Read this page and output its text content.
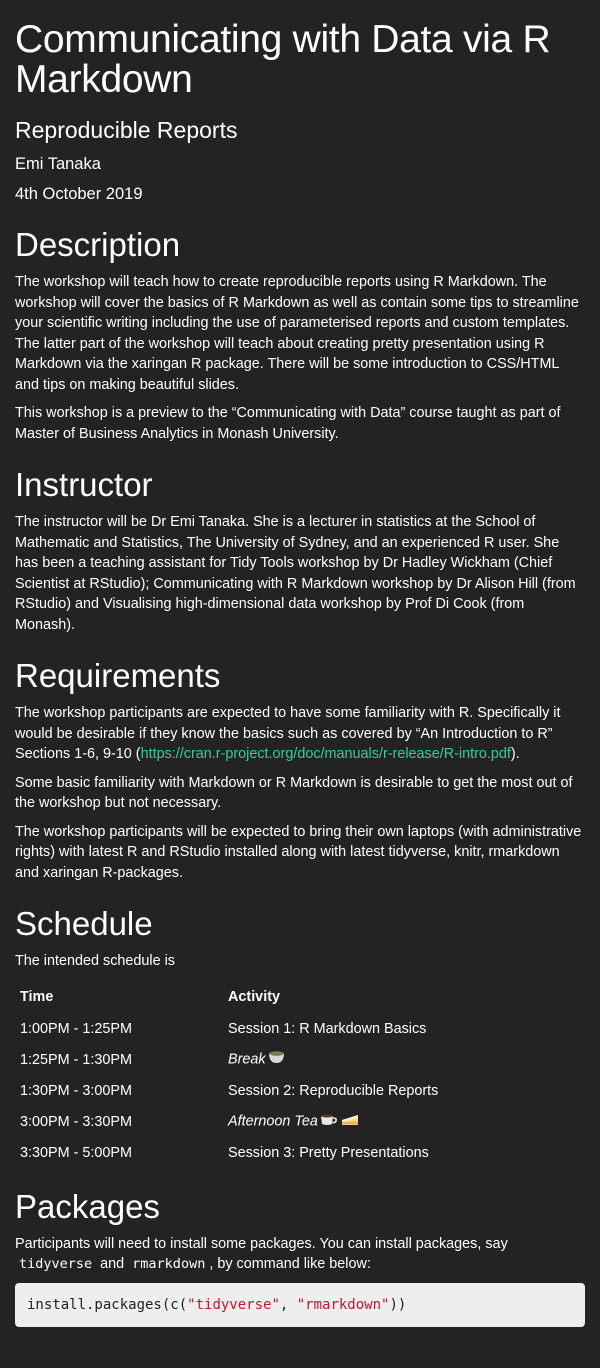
Communicating with Data via R Markdown
Reproducible Reports
Emi Tanaka
4th October 2019
Description

The workshop will teach how to create reproducible reports using R Markdown. The workshop will cover the basics of R Markdown as well as contain some tips to streamline your scientific writing including the use of parameterised reports and custom templates. The latter part of the workshop will teach about creating pretty presentation using R Markdown via the xaringan R package. There will be some introduction to CSS/HTML and tips on making beautiful slides.

This workshop is a preview to the “Communicating with Data” course taught as part of Master of Business Analytics in Monash University.

Instructor

The instructor will be Dr Emi Tanaka. She is a lecturer in statistics at the School of Mathematic and Statistics, The University of Sydney, and an experienced R user. She has been a teaching assistant for Tidy Tools workshop by Dr Hadley Wickham (Chief Scientist at RStudio); Communicating with R Markdown workshop by Dr Alison Hill (from RStudio) and Visualising high-dimensional data workshop by Prof Di Cook (from Monash).

Requirements

The workshop participants are expected to have some familiarity with R. Specifically it would be desirable if they know the basics such as covered by “An Introduction to R” Sections 1-6, 9-10 (https://cran.r-project.org/doc/manuals/r-release/R-intro.pdf).

Some basic familiarity with Markdown or R Markdown is desirable to get the most out of the workshop but not necessary.

The workshop participants will be expected to bring their own laptops (with administrative rights) with latest R and RStudio installed along with latest tidyverse, knitr, rmarkdown and xaringan R-packages.

Schedule

The intended schedule is

Time	Activity
1:00PM - 1:25PM	Session 1: R Markdown Basics
1:25PM - 1:30PM	Break
1:30PM - 3:00PM	Session 2: Reproducible Reports
3:00PM - 3:30PM	Afternoon Tea
3:30PM - 5:00PM	Session 3: Pretty Presentations
Packages

Participants will need to install some packages. You can install packages, say
tidyverse and rmarkdown , by command like below:

install.packages(c("tidyverse", "rmarkdown"))
